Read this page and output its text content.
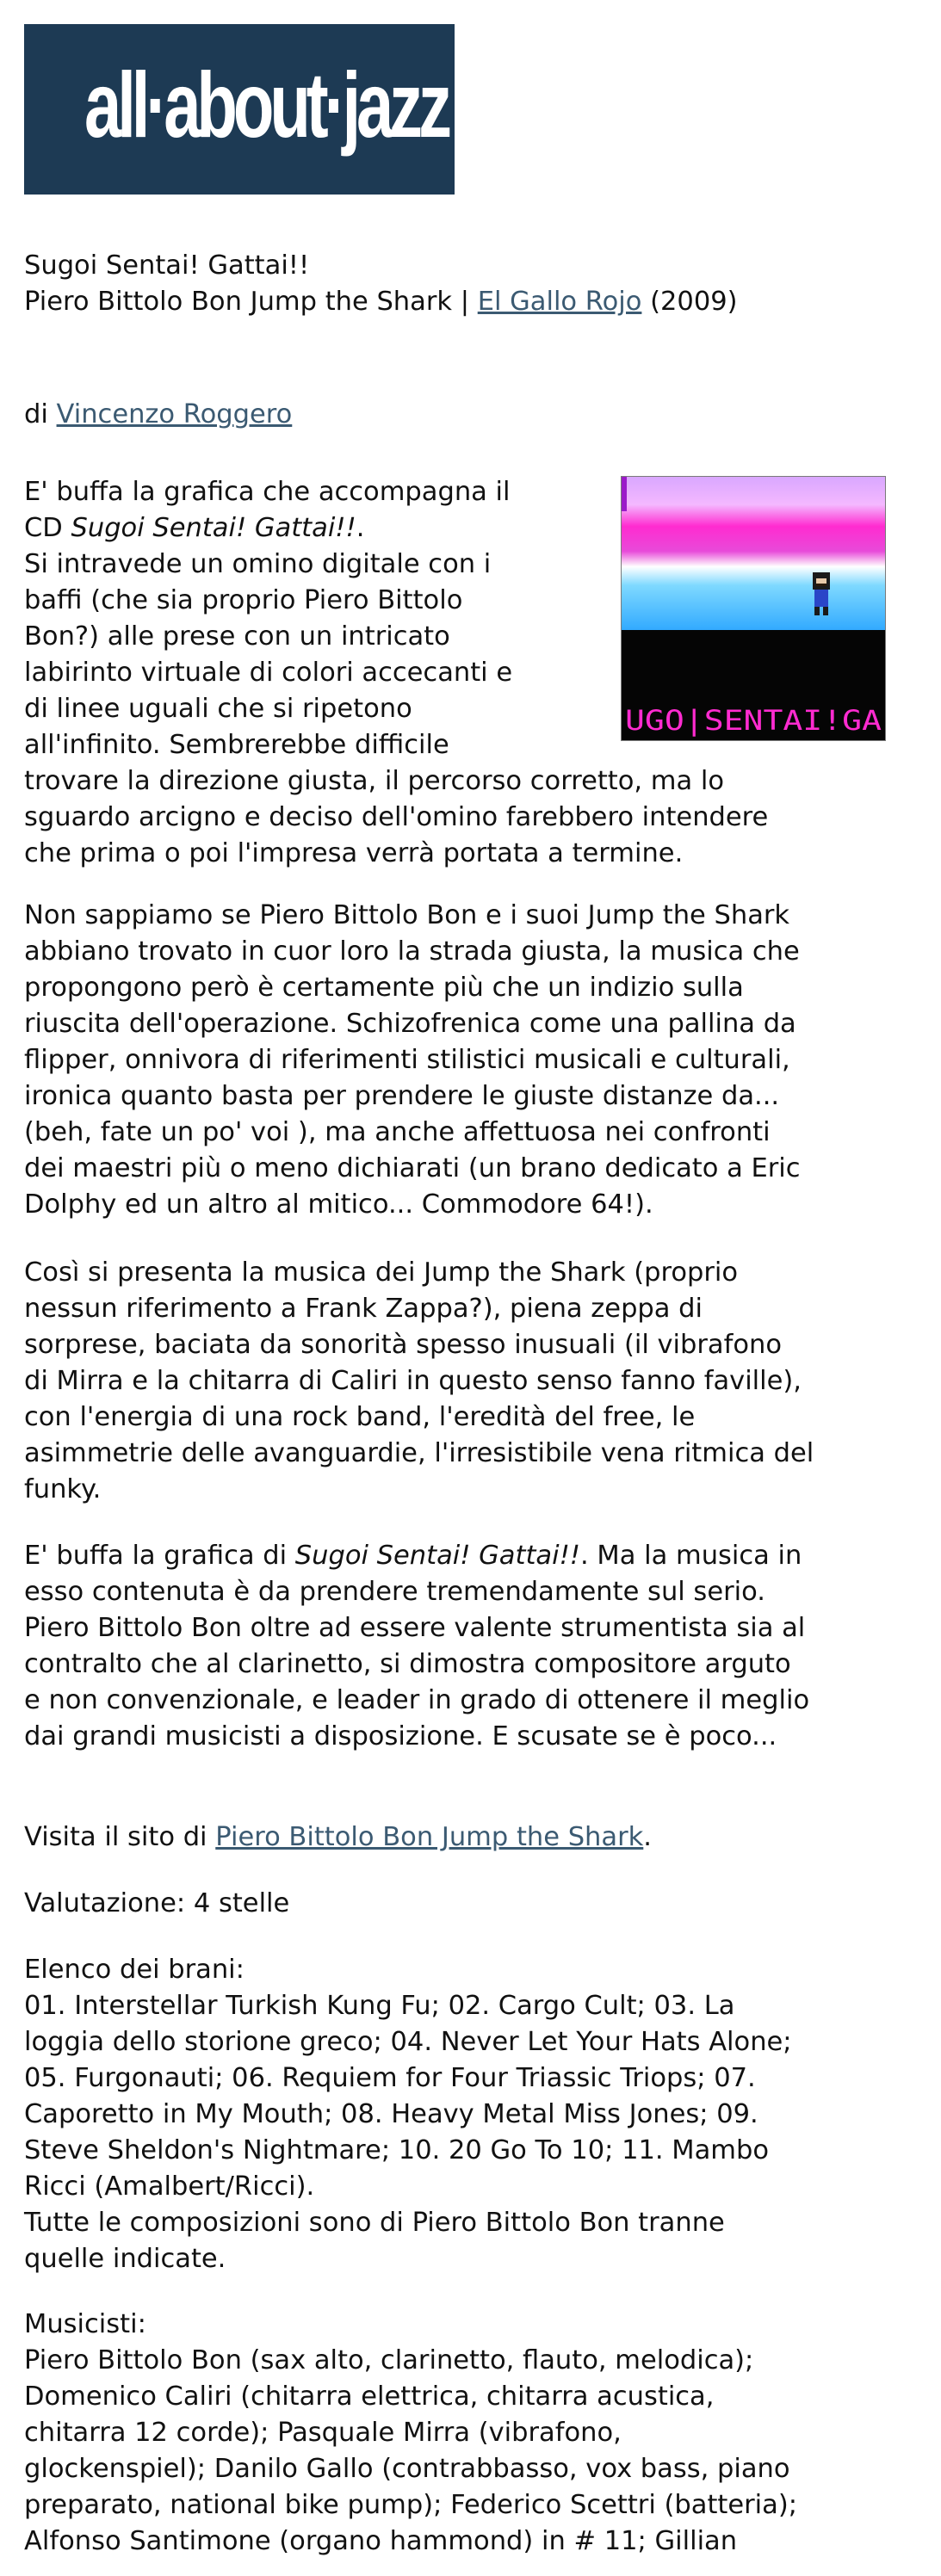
all·about·jazz
Sugoi Sentai! Gattai!!
Piero Bittolo Bon Jump the Shark | El Gallo Rojo (2009)
di Vincenzo Roggero
UGO|SENTAI!GA
E' buffa la grafica che accompagna il
CD Sugoi Sentai! Gattai!!.
Si intravede un omino digitale con i
baffi (che sia proprio Piero Bittolo
Bon?) alle prese con un intricato
labirinto virtuale di colori accecanti e
di linee uguali che si ripetono
all'infinito. Sembrerebbe difficile
trovare la direzione giusta, il percorso corretto, ma lo
sguardo arcigno e deciso dell'omino farebbero intendere
che prima o poi l'impresa verrà portata a termine.
Non sappiamo se Piero Bittolo Bon e i suoi Jump the Shark
abbiano trovato in cuor loro la strada giusta, la musica che
propongono però è certamente più che un indizio sulla
riuscita dell'operazione. Schizofrenica come una pallina da
flipper, onnivora di riferimenti stilistici musicali e culturali,
ironica quanto basta per prendere le giuste distanze da...
(beh, fate un po' voi ), ma anche affettuosa nei confronti
dei maestri più o meno dichiarati (un brano dedicato a Eric
Dolphy ed un altro al mitico... Commodore 64!).
Così si presenta la musica dei Jump the Shark (proprio
nessun riferimento a Frank Zappa?), piena zeppa di
sorprese, baciata da sonorità spesso inusuali (il vibrafono
di Mirra e la chitarra di Caliri in questo senso fanno faville),
con l'energia di una rock band, l'eredità del free, le
asimmetrie delle avanguardie, l'irresistibile vena ritmica del
funky.
E' buffa la grafica di Sugoi Sentai! Gattai!!. Ma la musica in
esso contenuta è da prendere tremendamente sul serio.
Piero Bittolo Bon oltre ad essere valente strumentista sia al
contralto che al clarinetto, si dimostra compositore arguto
e non convenzionale, e leader in grado di ottenere il meglio
dai grandi musicisti a disposizione. E scusate se è poco...
Visita il sito di Piero Bittolo Bon Jump the Shark.
Valutazione: 4 stelle
Elenco dei brani:
01. Interstellar Turkish Kung Fu; 02. Cargo Cult; 03. La
loggia dello storione greco; 04. Never Let Your Hats Alone;
05. Furgonauti; 06. Requiem for Four Triassic Triops; 07.
Caporetto in My Mouth; 08. Heavy Metal Miss Jones; 09.
Steve Sheldon's Nightmare; 10. 20 Go To 10; 11. Mambo
Ricci (Amalbert/Ricci).
Tutte le composizioni sono di Piero Bittolo Bon tranne
quelle indicate.
Musicisti:
Piero Bittolo Bon (sax alto, clarinetto, flauto, melodica);
Domenico Caliri (chitarra elettrica, chitarra acustica,
chitarra 12 corde); Pasquale Mirra (vibrafono,
glockenspiel); Danilo Gallo (contrabbasso, vox bass, piano
preparato, national bike pump); Federico Scettri (batteria);
Alfonso Santimone (organo hammond) in # 11; Gillian
